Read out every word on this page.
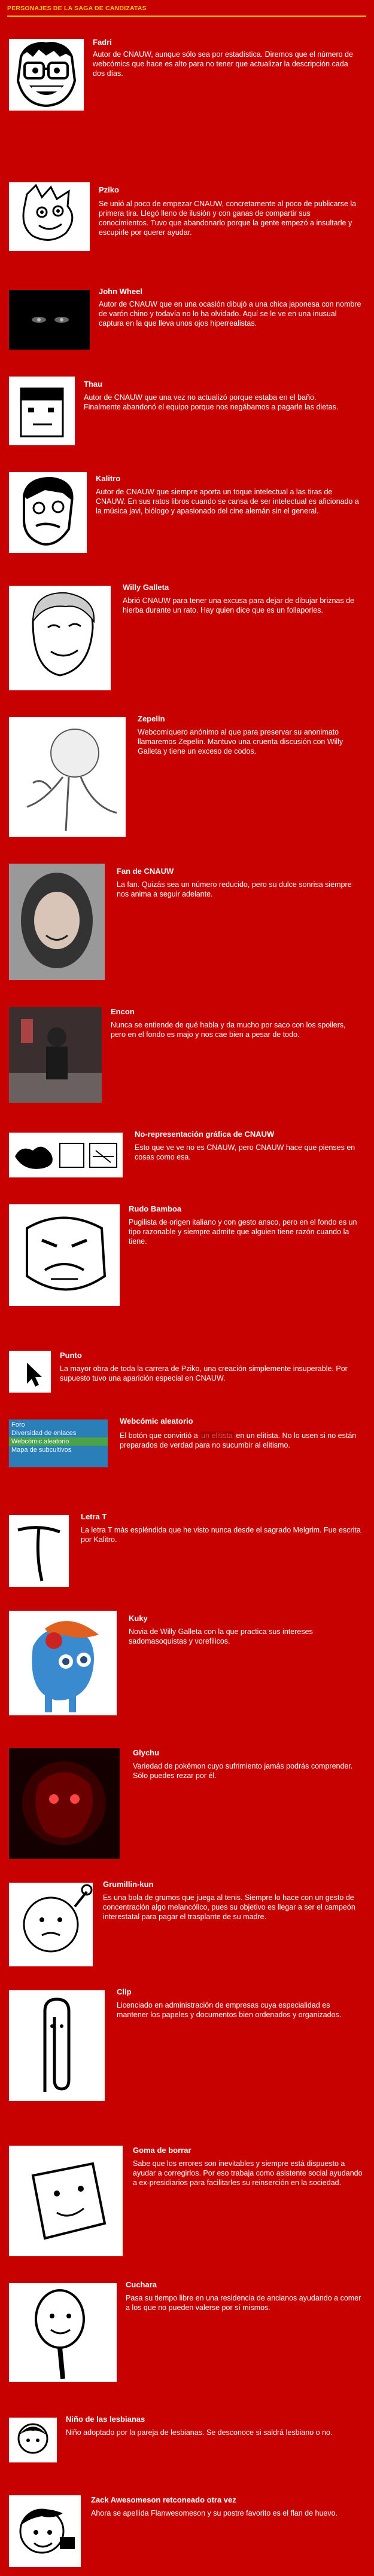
PERSONAJES DE LA SAGA DE CANDIZATAS
Fadri
Autor de CNAUW, aunque sólo sea por estadística. Diremos que el número de webcómics que hace es alto para no tener que actualizar la descripción cada dos días.
Pziko
Se unió al poco de empezar CNAUW, concretamente al poco de publicarse la primera tira. Llegó lleno de ilusión y con ganas de compartir sus conocimientos. Tuvo que abandonarlo porque la gente empezó a insultarle y escupirle por querer ayudar.
John Wheel
Autor de CNAUW que en una ocasión dibujó a una chica japonesa con nombre de varón chino y todavía no lo ha olvidado. Aquí se le ve en una inusual captura en la que lleva unos ojos hiperrealistas.
Thau
Autor de CNAUW que una vez no actualizó porque estaba en el baño. Finalmente abandonó el equipo porque nos negábamos a pagarle las dietas.
Kalitro
Autor de CNAUW que siempre aporta un toque intelectual a las tiras de CNAUW. En sus ratos libros cuando se cansa de ser intelectual es aficionado a la música javi, biólogo y apasionado del cine alemán sin el general.
Willy Galleta
Abrió CNAUW para tener una excusa para dejar de dibujar briznas de hierba durante un rato. Hay quien dice que es un follaporles.
Zepelin
Webcomiquero anónimo al que para preservar su anonimato llamaremos Zepelín. Mantuvo una cruenta discusión con Willy Galleta y tiene un exceso de codos.
Fan de CNAUW
La fan. Quizás sea un número reducido, pero su dulce sonrisa siempre nos anima a seguir adelante.
Encon
Nunca se entiende de qué habla y da mucho por saco con los spoilers, pero en el fondo es majo y nos cae bien a pesar de todo.
No-representación gráfica de CNAUW
Esto que ve ve no es CNAUW, pero CNAUW hace que pienses en cosas como esa.
Rudo Bamboa
Pugilista de origen italiano y con gesto ansco, pero en el fondo es un tipo razonable y siempre admite que alguien tiene razón cuando la tiene.
Punto
La mayor obra de toda la carrera de Pziko, una creación simplemente insuperable. Por supuesto tuvo una aparición especial en CNAUW.
Foro
Diversidad de enlaces
Webcómic aleatorio
Mapa de subcultivos
Webcómic aleatorio
El botón que convirtió a un elitista en un elitista. No lo usen si no están preparados de verdad para no sucumbir al elitismo.
Letra T
La letra T más espléndida que he visto nunca desde el sagrado Melgrim. Fue escrita por Kalitro.
Kuky
Novia de Willy Galleta con la que practica sus intereses sadomasoquistas y vorefilicos.
Glychu
Variedad de pokémon cuyo sufrimiento jamás podrás comprender. Sólo puedes rezar por él.
Grumillin-kun
Es una bola de grumos que juega al tenis. Siempre lo hace con un gesto de concentración algo melancólico, pues su objetivo es llegar a ser el campeón interestatal para pagar el trasplante de su madre.
Clip
Licenciado en administración de empresas cuya especialidad es mantener los papeles y documentos bien ordenados y organizados.
Goma de borrar
Sabe que los errores son inevitables y siempre está dispuesto a ayudar a corregirlos. Por eso trabaja como asistente social ayudando a ex-presidiarios para facilitarles su reinserción en la sociedad.
Cuchara
Pasa su tiempo libre en una residencia de ancianos ayudando a comer a los que no pueden valerse por sí mismos.
Niño de las lesbianas
Niño adoptado por la pareja de lesbianas. Se desconoce si saldrá lesbiano o no.
Zack Awesomeson retconeado otra vez
Ahora se apellida Flanwesomeson y su postre favorito es el flan de huevo.
